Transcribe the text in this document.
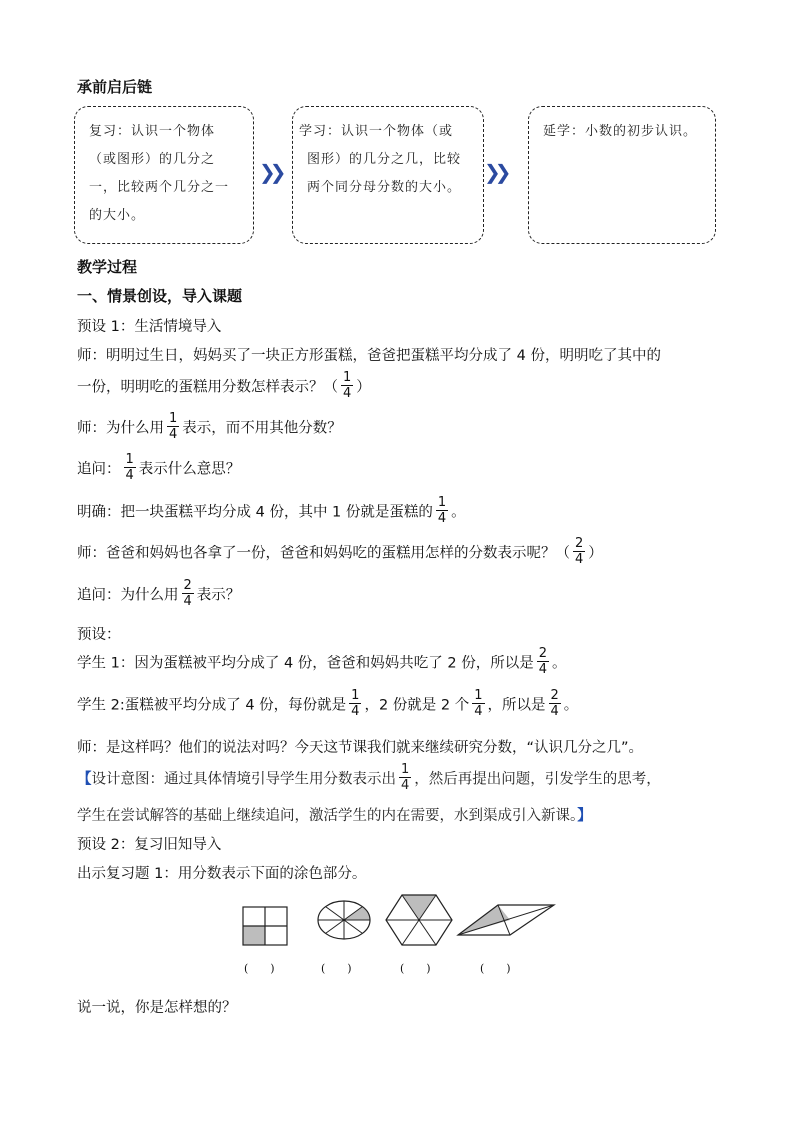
承前启后链
复习：认识一个物体
（或图形）的几分之
一，比较两个几分之一
的大小。
❯❯
学习：认识一个物体（或
图形）的几分之几，比较
两个同分母分数的大小。
❯❯
延学：小数的初步认识。
教学过程
一、情景创设，导入课题
预设 1：生活情境导入
师：明明过生日，妈妈买了一块正方形蛋糕，爸爸把蛋糕平均分成了 4 份，明明吃了其中的
一份，明明吃的蛋糕用分数怎样表示？（ $\frac{1}{4}$ ）
师：为什么用 $\frac{1}{4}$ 表示，而不用其他分数？
追问： $\frac{1}{4}$ 表示什么意思？
明确：把一块蛋糕平均分成 4 份，其中 1 份就是蛋糕的 $\frac{1}{4}$ 。
师：爸爸和妈妈也各拿了一份，爸爸和妈妈吃的蛋糕用怎样的分数表示呢？（ $\frac{2}{4}$ ）
追问：为什么用 $\frac{2}{4}$ 表示？
预设：
学生 1：因为蛋糕被平均分成了 4 份，爸爸和妈妈共吃了 2 份，所以是 $\frac{2}{4}$ 。
学生 2:蛋糕被平均分成了 4 份，每份就是 $\frac{1}{4}$ ，2 份就是 2 个 $\frac{1}{4}$ ，所以是 $\frac{2}{4}$ 。
师：是这样吗？他们的说法对吗？今天这节课我们就来继续研究分数，“认识几分之几”。
【设计意图：通过具体情境引导学生用分数表示出 $\frac{1}{4}$ ，然后再提出问题，引发学生的思考，
学生在尝试解答的基础上继续追问，激活学生的内在需要，水到渠成引入新课。】
预设 2：复习旧知导入
出示复习题 1：用分数表示下面的涂色部分。
(　　)	(　　)	(　　)	(　　)
说一说，你是怎样想的？
